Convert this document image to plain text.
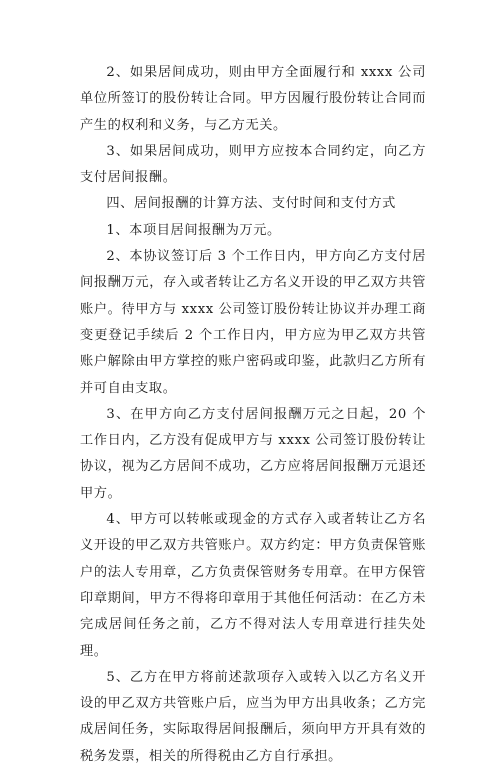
2、如果居间成功，则由甲方全面履行和 xxxx 公司单位所签订的股份转让合同。甲方因履行股份转让合同而产生的权利和义务，与乙方无关。

3、如果居间成功，则甲方应按本合同约定，向乙方支付居间报酬。

四、居间报酬的计算方法、支付时间和支付方式

1、本项目居间报酬为万元。

2、本协议签订后 3 个工作日内，甲方向乙方支付居间报酬万元，存入或者转让乙方名义开设的甲乙双方共管账户。待甲方与 xxxx 公司签订股份转让协议并办理工商变更登记手续后 2 个工作日内，甲方应为甲乙双方共管账户解除由甲方掌控的账户密码或印鉴，此款归乙方所有并可自由支取。

3、在甲方向乙方支付居间报酬万元之日起，20 个工作日内，乙方没有促成甲方与 xxxx 公司签订股份转让协议，视为乙方居间不成功，乙方应将居间报酬万元退还甲方。

4、甲方可以转帐或现金的方式存入或者转让乙方名义开设的甲乙双方共管账户。双方约定：甲方负责保管账户的法人专用章，乙方负责保管财务专用章。在甲方保管印章期间，甲方不得将印章用于其他任何活动：在乙方未完成居间任务之前，乙方不得对法人专用章进行挂失处理。

5、乙方在甲方将前述款项存入或转入以乙方名义开设的甲乙双方共管账户后，应当为甲方出具收条；乙方完成居间任务，实际取得居间报酬后，须向甲方开具有效的税务发票，相关的所得税由乙方自行承担。
